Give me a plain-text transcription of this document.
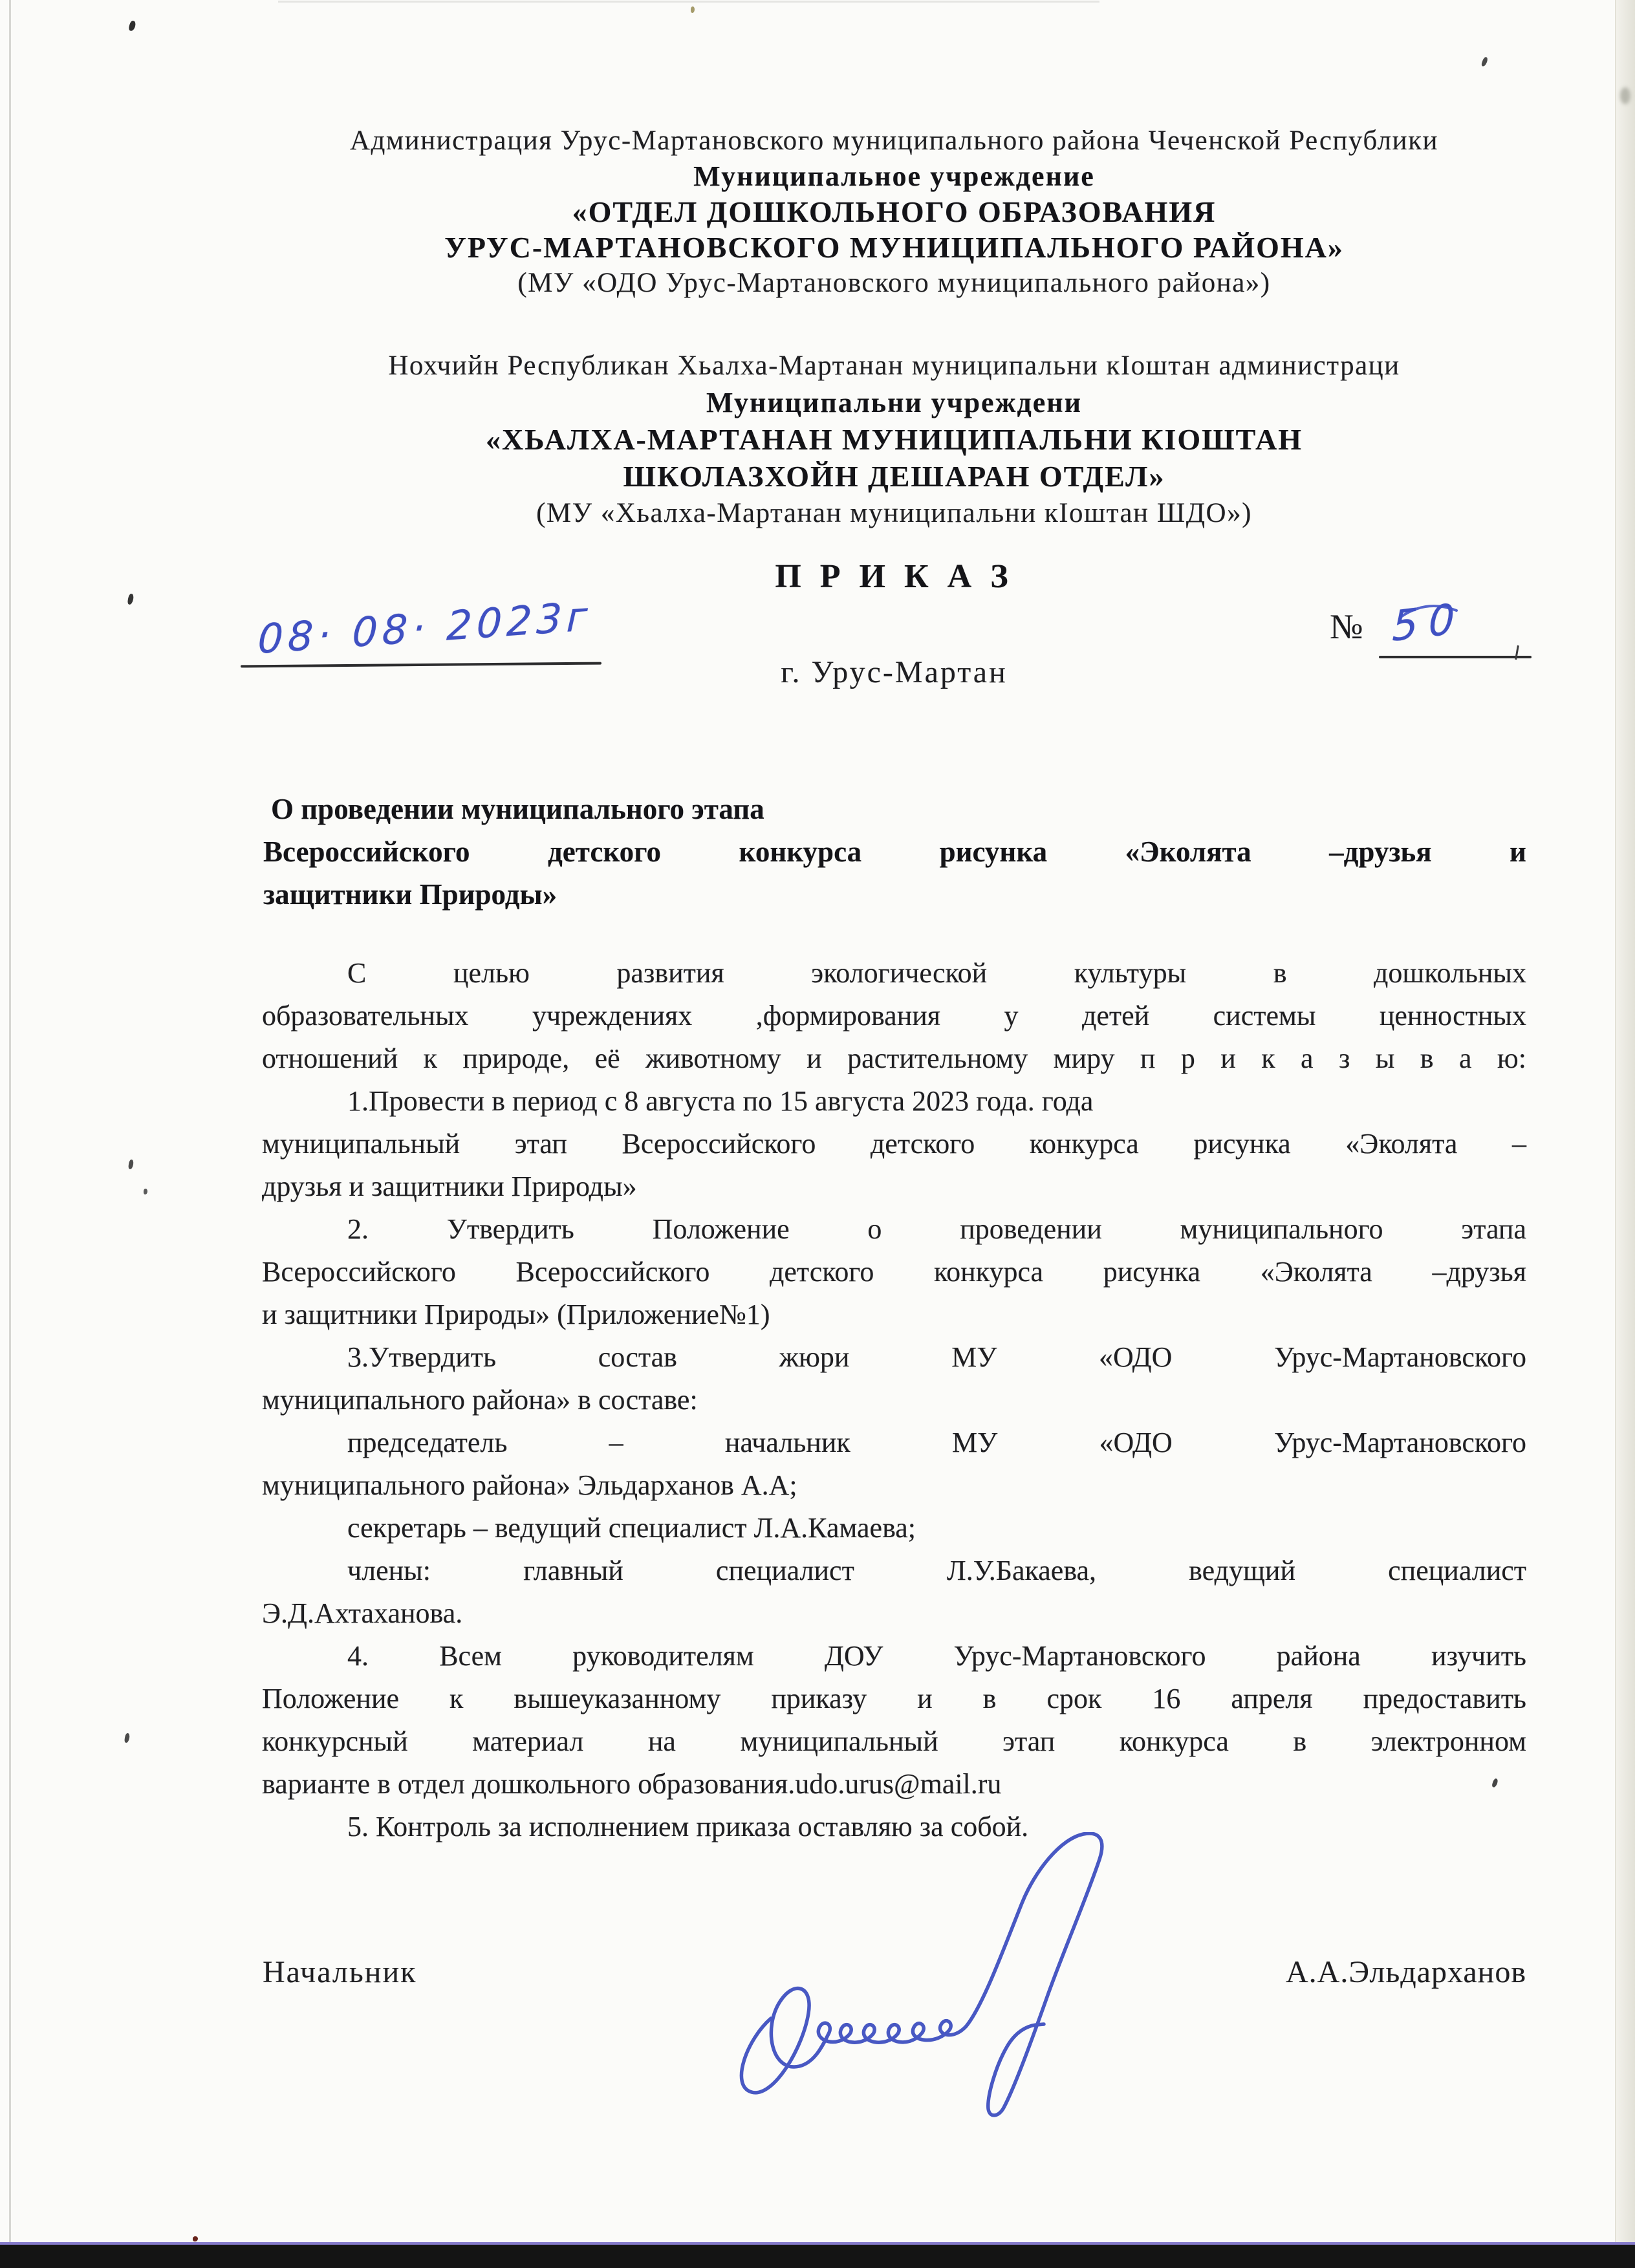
Администрация Урус-Мартановского муниципального района Чеченской Республики
Муниципальное учреждение
«ОТДЕЛ ДОШКОЛЬНОГО ОБРАЗОВАНИЯ
УРУС-МАРТАНОВСКОГО МУНИЦИПАЛЬНОГО РАЙОНА»
(МУ «ОДО Урус-Мартановского муниципального района»)
Нохчийн Республикан Хьалха-Мартанан муниципальни кIоштан администраци
Муниципальни учреждени
«ХЬАЛХА-МАРТАНАН МУНИЦИПАЛЬНИ КIОШТАН
ШКОЛАЗХОЙН ДЕШАРАН ОТДЕЛ»
(МУ «Хьалха-Мартанан муниципальни кIоштан ШДО»)
П Р И К А З
08· 08· 2023г	№ 50
г. Урус-Мартан
О проведении муниципального этапа
Всероссийского детского конкурса рисунка «Эколята –друзья и
защитники Природы»
С целью развития экологической культуры в дошкольных
образовательных учреждениях ,формирования у детей системы ценностных
отношений к природе, её животному и растительному миру п р и к а з ы в а ю:
1.Провести в период с 8 августа по 15 августа 2023 года. года
муниципальный этап Всероссийского детского конкурса рисунка «Эколята –
друзья и защитники Природы»
2. Утвердить Положение о проведении муниципального этапа
Всероссийского Всероссийского детского конкурса рисунка «Эколята –друзья
и защитники Природы» (Приложение№1)
3.Утвердить состав жюри МУ «ОДО Урус-Мартановского
муниципального района» в составе:
председатель – начальник МУ «ОДО Урус-Мартановского
муниципального района» Эльдарханов А.А;
секретарь – ведущий специалист Л.А.Камаева;
члены: главный специалист Л.У.Бакаева, ведущий специалист
Э.Д.Ахтаханова.
4. Всем руководителям ДОУ Урус-Мартановского района изучить
Положение к вышеуказанному приказу и в срок 16 апреля предоставить
конкурсный материал на муниципальный этап конкурса в электронном
варианте в отдел дошкольного образования.udo.urus@mail.ru
5. Контроль за исполнением приказа оставляю за собой.
Начальник	А.А.Эльдарханов
